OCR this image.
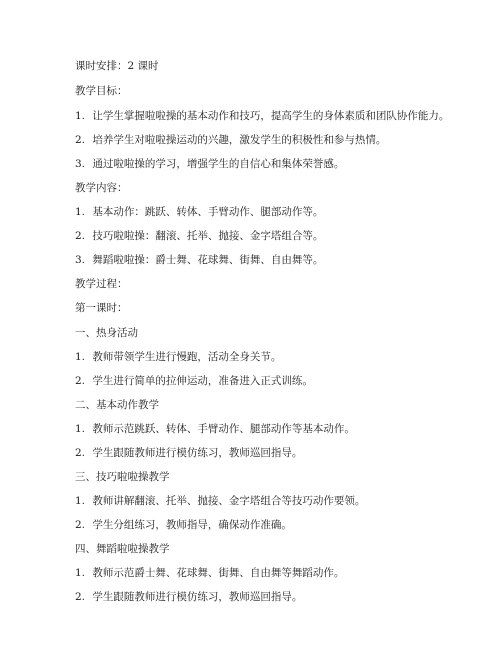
课时安排：2 课时
教学目标：
1. 让学生掌握啦啦操的基本动作和技巧，提高学生的身体素质和团队协作能力。
2. 培养学生对啦啦操运动的兴趣，激发学生的积极性和参与热情。
3. 通过啦啦操的学习，增强学生的自信心和集体荣誉感。
教学内容：
1. 基本动作：跳跃、转体、手臂动作、腿部动作等。
2. 技巧啦啦操：翻滚、托举、抛接、金字塔组合等。
3. 舞蹈啦啦操：爵士舞、花球舞、街舞、自由舞等。
教学过程：
第一课时：
一、热身活动
1. 教师带领学生进行慢跑，活动全身关节。
2. 学生进行简单的拉伸运动，准备进入正式训练。
二、基本动作教学
1. 教师示范跳跃、转体、手臂动作、腿部动作等基本动作。
2. 学生跟随教师进行模仿练习，教师巡回指导。
三、技巧啦啦操教学
1. 教师讲解翻滚、托举、抛接、金字塔组合等技巧动作要领。
2. 学生分组练习，教师指导，确保动作准确。
四、舞蹈啦啦操教学
1. 教师示范爵士舞、花球舞、街舞、自由舞等舞蹈动作。
2. 学生跟随教师进行模仿练习，教师巡回指导。
